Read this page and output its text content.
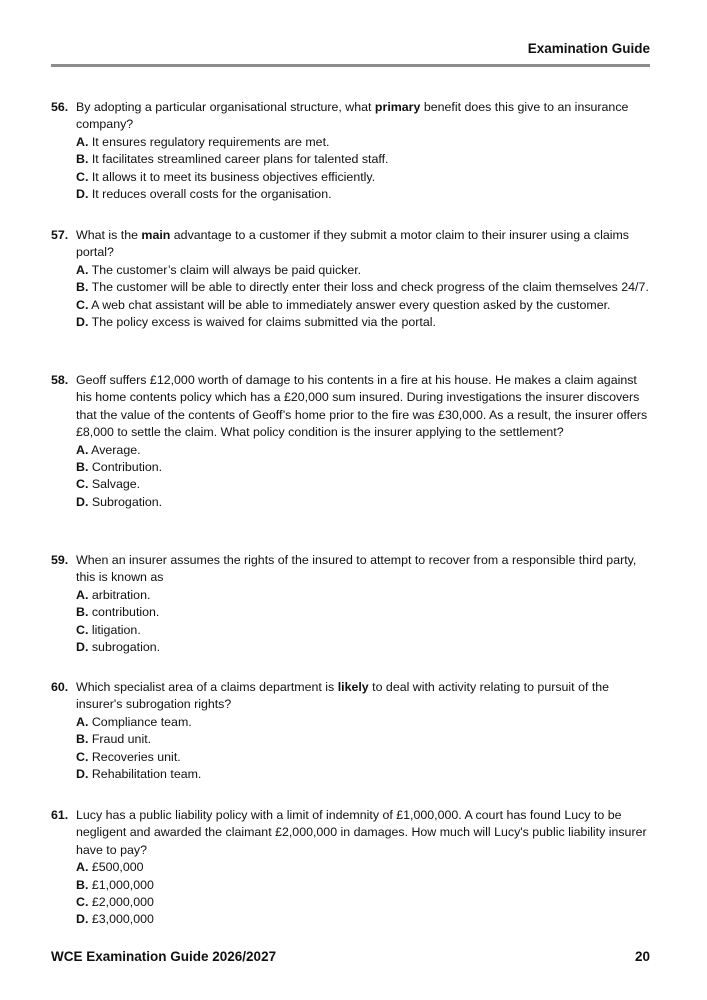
Examination Guide
56. By adopting a particular organisational structure, what primary benefit does this give to an insurance company?
A. It ensures regulatory requirements are met.
B. It facilitates streamlined career plans for talented staff.
C. It allows it to meet its business objectives efficiently.
D. It reduces overall costs for the organisation.
57. What is the main advantage to a customer if they submit a motor claim to their insurer using a claims portal?
A. The customer’s claim will always be paid quicker.
B. The customer will be able to directly enter their loss and check progress of the claim themselves 24/7.
C. A web chat assistant will be able to immediately answer every question asked by the customer.
D. The policy excess is waived for claims submitted via the portal.
58. Geoff suffers £12,000 worth of damage to his contents in a fire at his house. He makes a claim against his home contents policy which has a £20,000 sum insured. During investigations the insurer discovers that the value of the contents of Geoff’s home prior to the fire was £30,000. As a result, the insurer offers £8,000 to settle the claim. What policy condition is the insurer applying to the settlement?
A. Average.
B. Contribution.
C. Salvage.
D. Subrogation.
59. When an insurer assumes the rights of the insured to attempt to recover from a responsible third party, this is known as
A. arbitration.
B. contribution.
C. litigation.
D. subrogation.
60. Which specialist area of a claims department is likely to deal with activity relating to pursuit of the insurer's subrogation rights?
A. Compliance team.
B. Fraud unit.
C. Recoveries unit.
D. Rehabilitation team.
61. Lucy has a public liability policy with a limit of indemnity of £1,000,000. A court has found Lucy to be negligent and awarded the claimant £2,000,000 in damages. How much will Lucy's public liability insurer have to pay?
A. £500,000
B. £1,000,000
C. £2,000,000
D. £3,000,000
WCE Examination Guide 2026/2027	20
